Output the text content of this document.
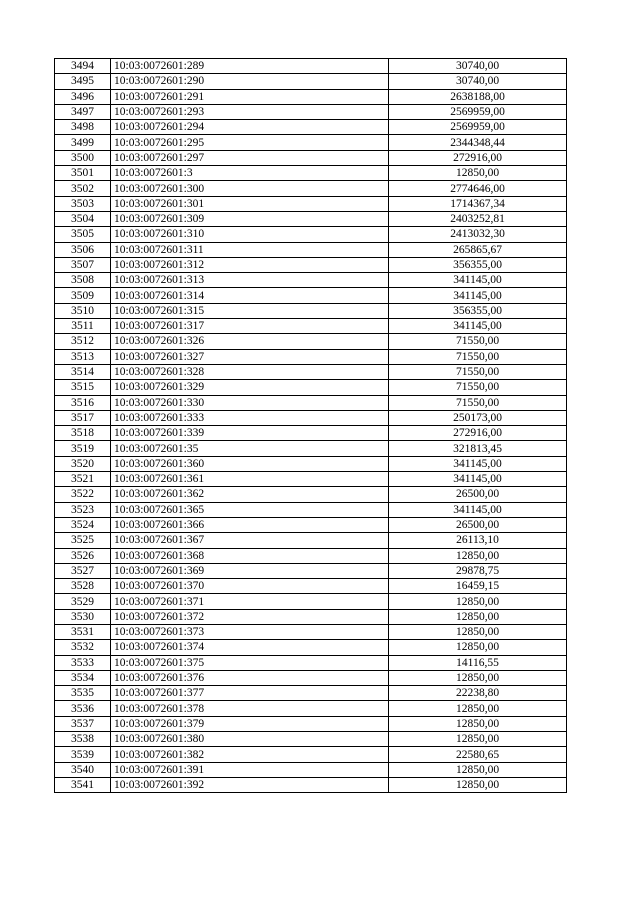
3494	10:03:0072601:289	30740,00
3495	10:03:0072601:290	30740,00
3496	10:03:0072601:291	2638188,00
3497	10:03:0072601:293	2569959,00
3498	10:03:0072601:294	2569959,00
3499	10:03:0072601:295	2344348,44
3500	10:03:0072601:297	272916,00
3501	10:03:0072601:3	12850,00
3502	10:03:0072601:300	2774646,00
3503	10:03:0072601:301	1714367,34
3504	10:03:0072601:309	2403252,81
3505	10:03:0072601:310	2413032,30
3506	10:03:0072601:311	265865,67
3507	10:03:0072601:312	356355,00
3508	10:03:0072601:313	341145,00
3509	10:03:0072601:314	341145,00
3510	10:03:0072601:315	356355,00
3511	10:03:0072601:317	341145,00
3512	10:03:0072601:326	71550,00
3513	10:03:0072601:327	71550,00
3514	10:03:0072601:328	71550,00
3515	10:03:0072601:329	71550,00
3516	10:03:0072601:330	71550,00
3517	10:03:0072601:333	250173,00
3518	10:03:0072601:339	272916,00
3519	10:03:0072601:35	321813,45
3520	10:03:0072601:360	341145,00
3521	10:03:0072601:361	341145,00
3522	10:03:0072601:362	26500,00
3523	10:03:0072601:365	341145,00
3524	10:03:0072601:366	26500,00
3525	10:03:0072601:367	26113,10
3526	10:03:0072601:368	12850,00
3527	10:03:0072601:369	29878,75
3528	10:03:0072601:370	16459,15
3529	10:03:0072601:371	12850,00
3530	10:03:0072601:372	12850,00
3531	10:03:0072601:373	12850,00
3532	10:03:0072601:374	12850,00
3533	10:03:0072601:375	14116,55
3534	10:03:0072601:376	12850,00
3535	10:03:0072601:377	22238,80
3536	10:03:0072601:378	12850,00
3537	10:03:0072601:379	12850,00
3538	10:03:0072601:380	12850,00
3539	10:03:0072601:382	22580,65
3540	10:03:0072601:391	12850,00
3541	10:03:0072601:392	12850,00
